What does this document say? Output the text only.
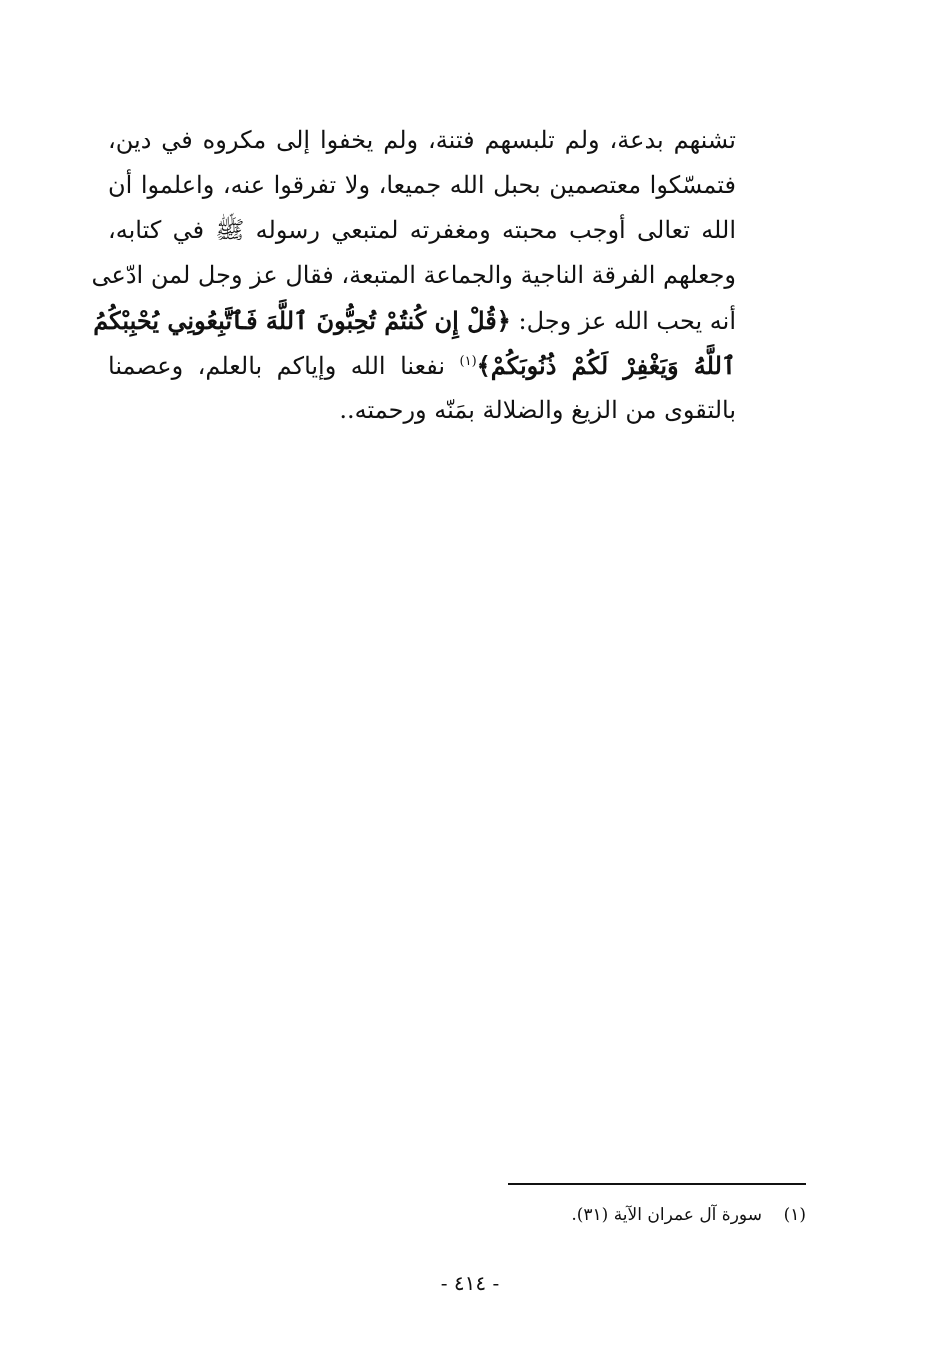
تشنهم بدعة، ولم تلبسهم فتنة، ولم يخفوا إلى مكروه في دين،
فتمسّكوا معتصمين بحبل الله جميعا، ولا تفرقوا عنه، واعلموا أن
الله تعالى أوجب محبته ومغفرته لمتبعي رسوله ﷺ في كتابه،
وجعلهم الفرقة الناجية والجماعة المتبعة، فقال عز وجل لمن ادّعى
أنه يحب الله عز وجل: ﴿قُلْ إِن كُنتُمْ تُحِبُّونَ ٱللَّهَ فَٱتَّبِعُونِي يُحْبِبْكُمُ
ٱللَّهُ وَيَغْفِرْ لَكُمْ ذُنُوبَكُمْ﴾$^{(١)}$ نفعنا الله وإياكم بالعلم، وعصمنا
بالتقوى من الزيغ والضلالة بمَنّه ورحمته..
(١)    سورة آل عمران الآية (٣١).
- ٤١٤ -
